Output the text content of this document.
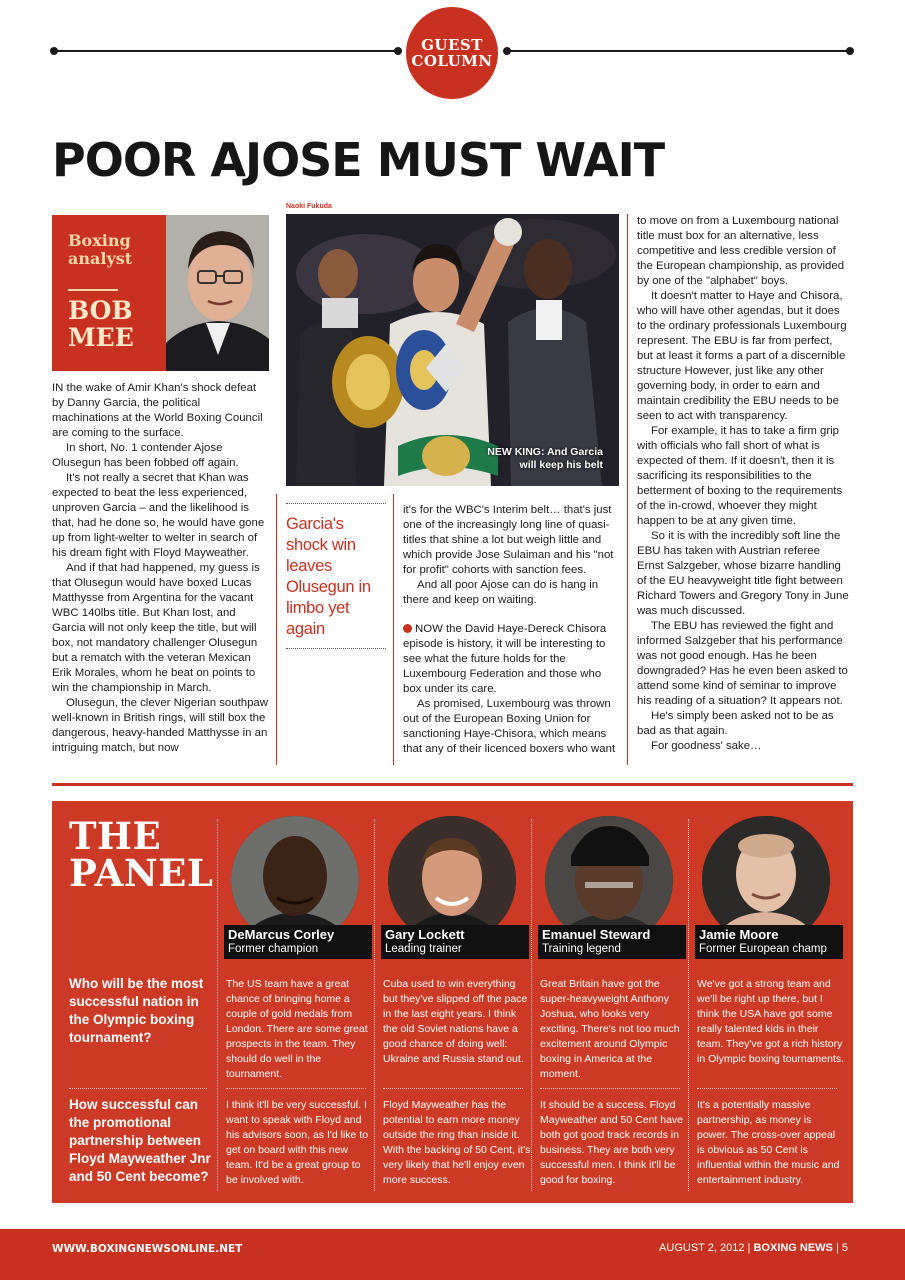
GUEST
COLUMN
POOR AJOSE MUST WAIT
Boxing
analyst
BOB
MEE

IN the wake of Amir Khan's shock defeat by Danny Garcia, the political machinations at the World Boxing Council are coming to the surface.

In short, No. 1 contender Ajose Olusegun has been fobbed off again.

It's not really a secret that Khan was expected to beat the less experienced, unproven Garcia – and the likelihood is that, had he done so, he would have gone up from light-welter to welter in search of his dream fight with Floyd Mayweather.

And if that had happened, my guess is that Olusegun would have boxed Lucas Matthysse from Argentina for the vacant WBC 140lbs title. But Khan lost, and Garcia will not only keep the title, but will box, not mandatory challenger Olusegun but a rematch with the veteran Mexican Erik Morales, whom he beat on points to win the championship in March.

Olusegun, the clever Nigerian southpaw well-known in British rings, will still box the dangerous, heavy-handed Matthysse in an intriguing match, but now

Naoki Fukuda
NEW KING: And Garcia
will keep his belt
Garcia's shock win leaves Olusegun in limbo yet again

it's for the WBC's Interim belt… that's just one of the increasingly long line of quasi-titles that shine a lot but weigh little and which provide Jose Sulaiman and his "not for profit" cohorts with sanction fees.

And all poor Ajose can do is hang in there and keep on waiting.

NOW the David Haye-Dereck Chisora episode is history, it will be interesting to see what the future holds for the Luxembourg Federation and those who box under its care.

As promised, Luxembourg was thrown out of the European Boxing Union for sanctioning Haye-Chisora, which means that any of their licenced boxers who want

to move on from a Luxembourg national title must box for an alternative, less competitive and less credible version of the European championship, as provided by one of the "alphabet" boys.

It doesn't matter to Haye and Chisora, who will have other agendas, but it does to the ordinary professionals Luxembourg represent. The EBU is far from perfect, but at least it forms a part of a discernible structure However, just like any other governing body, in order to earn and maintain credibility the EBU needs to be seen to act with transparency.

For example, it has to take a firm grip with officials who fall short of what is expected of them. If it doesn't, then it is sacrificing its responsibilities to the betterment of boxing to the requirements of the in-crowd, whoever they might happen to be at any given time.

So it is with the incredibly soft line the EBU has taken with Austrian referee Ernst Salzgeber, whose bizarre handling of the EU heavyweight title fight between Richard Towers and Gregory Tony in June was much discussed.

The EBU has reviewed the fight and informed Salzgeber that his performance was not good enough. Has he been downgraded? Has he even been asked to attend some kind of seminar to improve his reading of a situation? It appears not.

He's simply been asked not to be as bad as that again.

For goodness' sake…

THE
PANEL
DeMarcus Corley
Former champion
Gary Lockett
Leading trainer
Emanuel Steward
Training legend
Jamie Moore
Former European champ
Who will be the most successful nation in the Olympic boxing tournament?
The US team have a great chance of bringing home a couple of gold medals from London. There are some great prospects in the team. They should do well in the tournament.
Cuba used to win everything but they've slipped off the pace in the last eight years. I think the old Soviet nations have a good chance of doing well: Ukraine and Russia stand out.
Great Britain have got the super-heavyweight Anthony Joshua, who looks very exciting. There's not too much excitement around Olympic boxing in America at the moment.
We've got a strong team and we'll be right up there, but I think the USA have got some really talented kids in their team. They've got a rich history in Olympic boxing tournaments.
How successful can the promotional partnership between Floyd Mayweather Jnr and 50 Cent become?
I think it'll be very successful. I want to speak with Floyd and his advisors soon, as I'd like to get on board with this new team. It'd be a great group to be involved with.
Floyd Mayweather has the potential to earn more money outside the ring than inside it. With the backing of 50 Cent, it's very likely that he'll enjoy even more success.
It should be a success. Floyd Mayweather and 50 Cent have both got good track records in business. They are both very successful men. I think it'll be good for boxing.
It's a potentially massive partnership, as money is power. The cross-over appeal is obvious as 50 Cent is influential within the music and entertainment industry.
WWW.BOXINGNEWSONLINE.NET	AUGUST 2, 2012 | BOXING NEWS | 5
